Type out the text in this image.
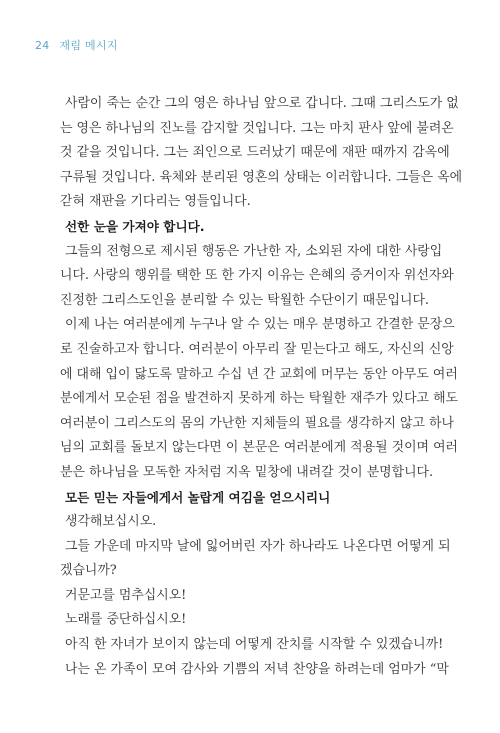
24 재림 메시지
사람이 죽는 순간 그의 영은 하나님 앞으로 갑니다. 그때 그리스도가 없
는 영은 하나님의 진노를 감지할 것입니다. 그는 마치 판사 앞에 불려온
것 같을 것입니다. 그는 죄인으로 드러났기 때문에 재판 때까지 감옥에
구류될 것입니다. 육체와 분리된 영혼의 상태는 이러합니다. 그들은 옥에
갇혀 재판을 기다리는 영들입니다.
선한 눈을 가져야 합니다.
그들의 전형으로 제시된 행동은 가난한 자, 소외된 자에 대한 사랑입
니다. 사랑의 행위를 택한 또 한 가지 이유는 은혜의 증거이자 위선자와
진정한 그리스도인을 분리할 수 있는 탁월한 수단이기 때문입니다.
이제 나는 여러분에게 누구나 알 수 있는 매우 분명하고 간결한 문장으
로 진술하고자 합니다. 여러분이 아무리 잘 믿는다고 해도, 자신의 신앙
에 대해 입이 닳도록 말하고 수십 년 간 교회에 머무는 동안 아무도 여러
분에게서 모순된 점을 발견하지 못하게 하는 탁월한 재주가 있다고 해도
여러분이 그리스도의 몸의 가난한 지체들의 필요를 생각하지 않고 하나
님의 교회를 돌보지 않는다면 이 본문은 여러분에게 적용될 것이며 여러
분은 하나님을 모독한 자처럼 지옥 밑창에 내려갈 것이 분명합니다.
모든 믿는 자들에게서 놀랍게 여김을 얻으시리니
생각해보십시오.
그들 가운데 마지막 날에 잃어버린 자가 하나라도 나온다면 어떻게 되
겠습니까?
거문고를 멈추십시오!
노래를 중단하십시오!
아직 한 자녀가 보이지 않는데 어떻게 잔치를 시작할 수 있겠습니까!
나는 온 가족이 모여 감사와 기쁨의 저녁 찬양을 하려는데 엄마가 “막
